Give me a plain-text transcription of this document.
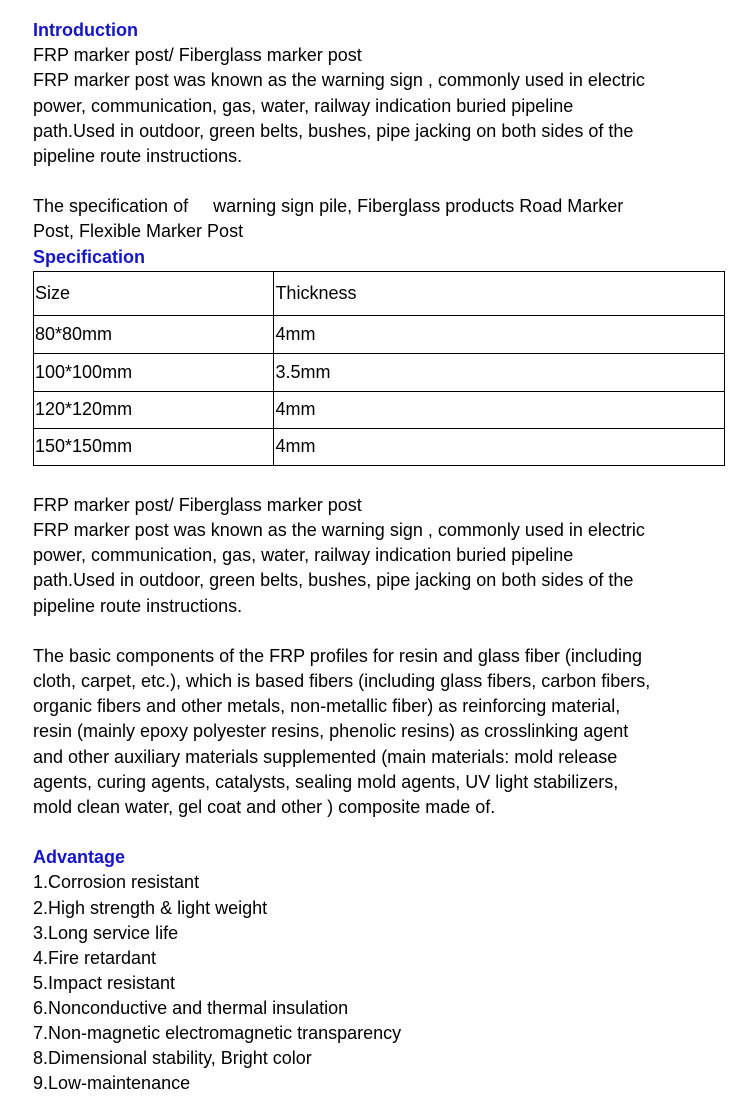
Introduction
FRP marker post/ Fiberglass marker post
FRP marker post was known as the warning sign , commonly used in electric
power, communication, gas, water, railway indication buried pipeline
path.Used in outdoor, green belts, bushes, pipe jacking on both sides of the
pipeline route instructions.
The specification of     warning sign pile, Fiberglass products Road Marker
Post, Flexible Marker Post
Specification
Size	Thickness
80*80mm	4mm
100*100mm	3.5mm
120*120mm	4mm
150*150mm	4mm
FRP marker post/ Fiberglass marker post
FRP marker post was known as the warning sign , commonly used in electric
power, communication, gas, water, railway indication buried pipeline
path.Used in outdoor, green belts, bushes, pipe jacking on both sides of the
pipeline route instructions.
The basic components of the FRP profiles for resin and glass fiber (including
cloth, carpet, etc.), which is based fibers (including glass fibers, carbon fibers,
organic fibers and other metals, non-metallic fiber) as reinforcing material,
resin (mainly epoxy polyester resins, phenolic resins) as crosslinking agent
and other auxiliary materials supplemented (main materials: mold release
agents, curing agents, catalysts, sealing mold agents, UV light stabilizers,
mold clean water, gel coat and other ) composite made of.
Advantage
1.Corrosion resistant
2.High strength & light weight
3.Long service life
4.Fire retardant
5.Impact resistant
6.Nonconductive and thermal insulation
7.Non-magnetic electromagnetic transparency
8.Dimensional stability, Bright color
9.Low-maintenance
